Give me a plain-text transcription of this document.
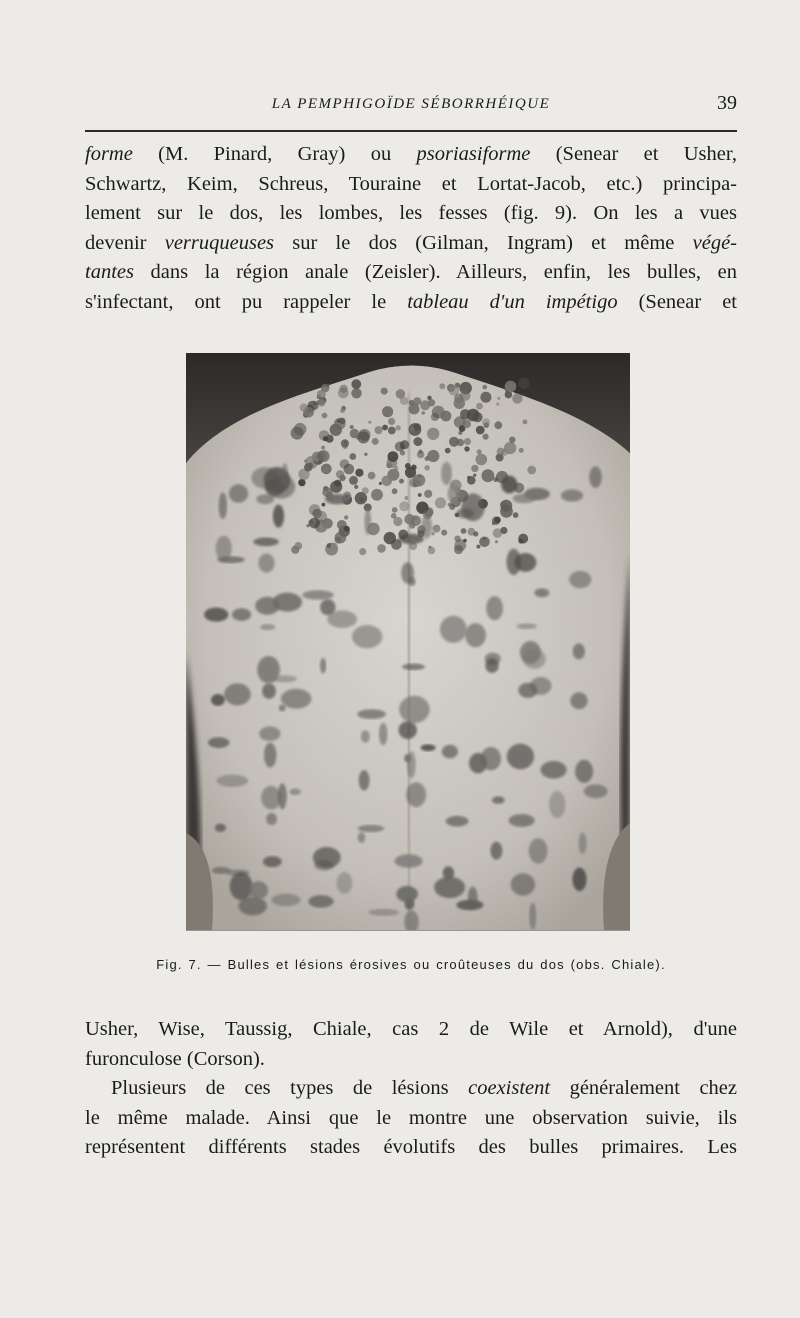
LA PEMPHIGOÏDE SÉBORRHÉIQUE	39

forme (M. Pinard, Gray) ou psoriasiforme (Senear et Usher,
Schwartz, Keim, Schreus, Touraine et Lortat-Jacob, etc.) principa-
lement sur le dos, les lombes, les fesses (fig. 9). On les a vues
devenir verruqueuses sur le dos (Gilman, Ingram) et même végé-
tantes dans la région anale (Zeisler). Ailleurs, enfin, les bulles, en
s'infectant, ont pu rappeler le tableau d'un impétigo (Senear et

Fig. 7. — Bulles et lésions érosives ou croûteuses du dos (obs. Chiale).

Usher, Wise, Taussig, Chiale, cas 2 de Wile et Arnold), d'une
furonculose (Corson).
Plusieurs de ces types de lésions coexistent généralement chez
le même malade. Ainsi que le montre une observation suivie, ils
représentent différents stades évolutifs des bulles primaires. Les
